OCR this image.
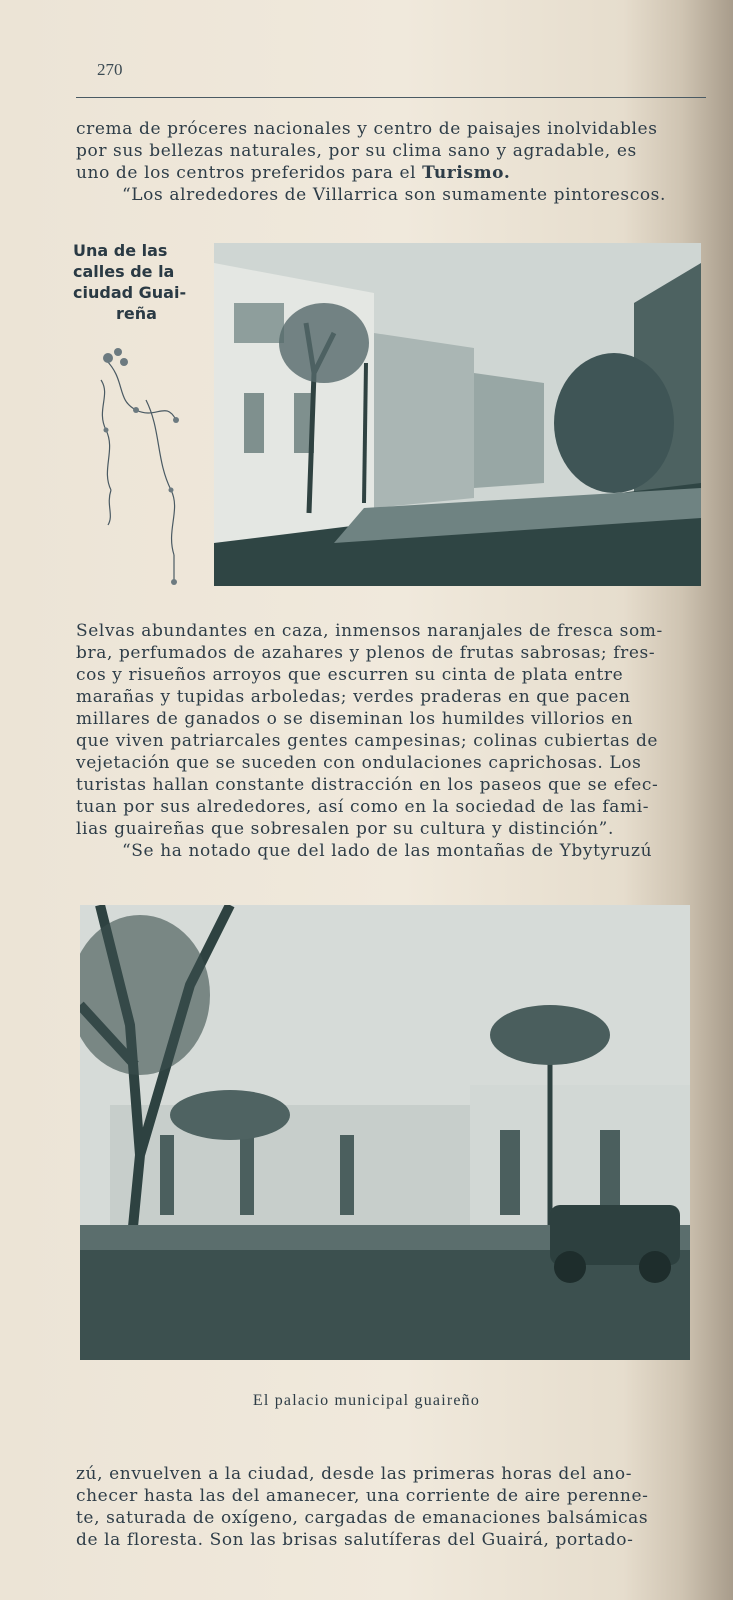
270
crema de próceres nacionales y centro de paisajes inolvidables
por sus bellezas naturales, por su clima sano y agradable, es
uno de los centros preferidos para el Turismo.
“Los alrededores de Villarrica son sumamente pintorescos.
Una de las
calles de la
ciudad Guai-
reña
Selvas abundantes en caza, inmensos naranjales de fresca som-
bra, perfumados de azahares y plenos de frutas sabrosas; fres-
cos y risueños arroyos que escurren su cinta de plata entre
marañas y tupidas arboledas; verdes praderas en que pacen
millares de ganados o se diseminan los humildes villorios en
que viven patriarcales gentes campesinas; colinas cubiertas de
vejetación que se suceden con ondulaciones caprichosas. Los
turistas hallan constante distracción en los paseos que se efec-
tuan por sus alrededores, así como en la sociedad de las fami-
lias guaireñas que sobresalen por su cultura y distinción”.
“Se ha notado que del lado de las montañas de Ybytyruzú
El palacio municipal guaireño
zú, envuelven a la ciudad, desde las primeras horas del ano-
checer hasta las del amanecer, una corriente de aire perenne-
te, saturada de oxígeno, cargadas de emanaciones balsámicas
de la floresta. Son las brisas salutíferas del Guairá, portado-
